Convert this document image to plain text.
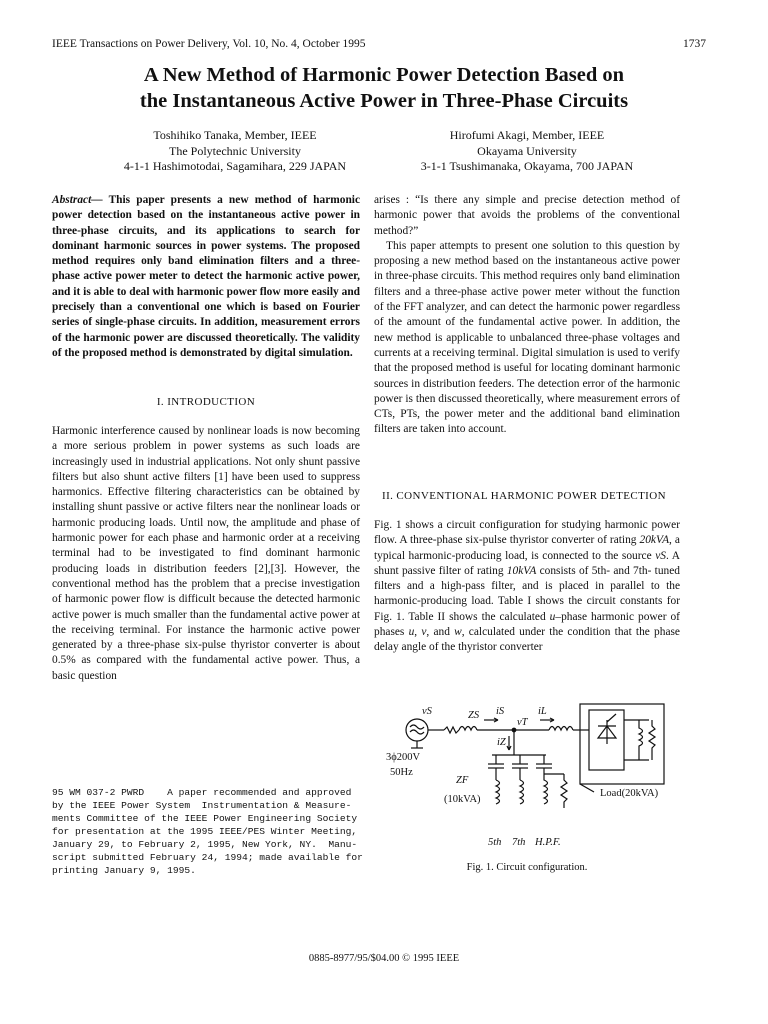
IEEE Transactions on Power Delivery, Vol. 10, No. 4, October 1995	1737
A New Method of Harmonic Power Detection Based on
the Instantaneous Active Power in Three-Phase Circuits
Toshihiko Tanaka, Member, IEEE
The Polytechnic University
4-1-1 Hashimotodai, Sagamihara, 229 JAPAN
Hirofumi Akagi, Member, IEEE
Okayama University
3-1-1 Tsushimanaka, Okayama, 700 JAPAN
Abstract— This paper presents a new method of harmonic power detection based on the instantaneous active power in three-phase circuits, and its applications to search for dominant harmonic sources in power systems. The proposed method requires only band elimination filters and a three-phase active power meter to detect the harmonic active power, and it is able to deal with harmonic power flow more easily and precisely than a conventional one which is based on Fourier series of single-phase circuits. In addition, measurement errors of the harmonic power are discussed theoretically. The validity of the proposed method is demonstrated by digital simulation.
I. INTRODUCTION

Harmonic interference caused by nonlinear loads is now becoming a more serious problem in power systems as such loads are increasingly used in industrial applications. Not only shunt passive filters but also shunt active filters [1] have been used to suppress harmonics. Effective filtering characteristics can be obtained by installing shunt passive or active filters near the nonlinear loads or harmonic producing loads. Until now, the amplitude and phase of harmonic power for each phase and harmonic order at a receiving terminal had to be investigated to find dominant harmonic producing loads in distribution feeders [2],[3]. However, the conventional method has the problem that a precise investigation of harmonic power flow is difficult because the detected harmonic active power is much smaller than the fundamental active power at the receiving terminal. For instance the harmonic active power generated by a three-phase six-pulse thyristor converter is about 0.5% as compared with the fundamental active power. Thus, a basic question

arises : “Is there any simple and precise detection method of harmonic power that avoids the problems of the conventional method?”

This paper attempts to present one solution to this question by proposing a new method based on the instantaneous active power in three-phase circuits. This method requires only band elimination filters and a three-phase active power meter without the function of the FFT analyzer, and can detect the harmonic power regardless of the amount of the fundamental active power. In addition, the new method is applicable to unbalanced three-phase voltages and currents at a receiving terminal. Digital simulation is used to verify that the proposed method is useful for locating dominant harmonic sources in distribution feeders. The detection error of the harmonic power is then discussed theoretically, where measurement errors of CTs, PTs, the power meter and the additional band elimination filters are taken into account.

II. CONVENTIONAL HARMONIC POWER DETECTION

Fig. 1 shows a circuit configuration for studying harmonic power flow. A three-phase six-pulse thyristor converter of rating 20kVA, a typical harmonic-producing load, is connected to the source vS. A shunt passive filter of rating 10kVA consists of 5th- and 7th- tuned filters and a high-pass filter, and is placed in parallel to the harmonic-producing load. Table I shows the circuit constants for Fig. 1. Table II shows the calculated u–phase harmonic power of phases u, v, and w, calculated under the condition that the phase delay angle of the thyristor converter

vS	ZS iS
vT
iL
iZ
3ϕ200V
50Hz
ZF
(10kVA)
Load(20kVA)
5th 7th H.P.F.
Fig. 1. Circuit configuration.
95 WM 037-2 PWRD    A paper recommended and approved
by the IEEE Power System  Instrumentation & Measure-
ments Committee of the IEEE Power Engineering Society
for presentation at the 1995 IEEE/PES Winter Meeting,
January 29, to February 2, 1995, New York, NY.  Manu-
script submitted February 24, 1994; made available for
printing January 9, 1995.
0885-8977/95/$04.00 © 1995 IEEE
